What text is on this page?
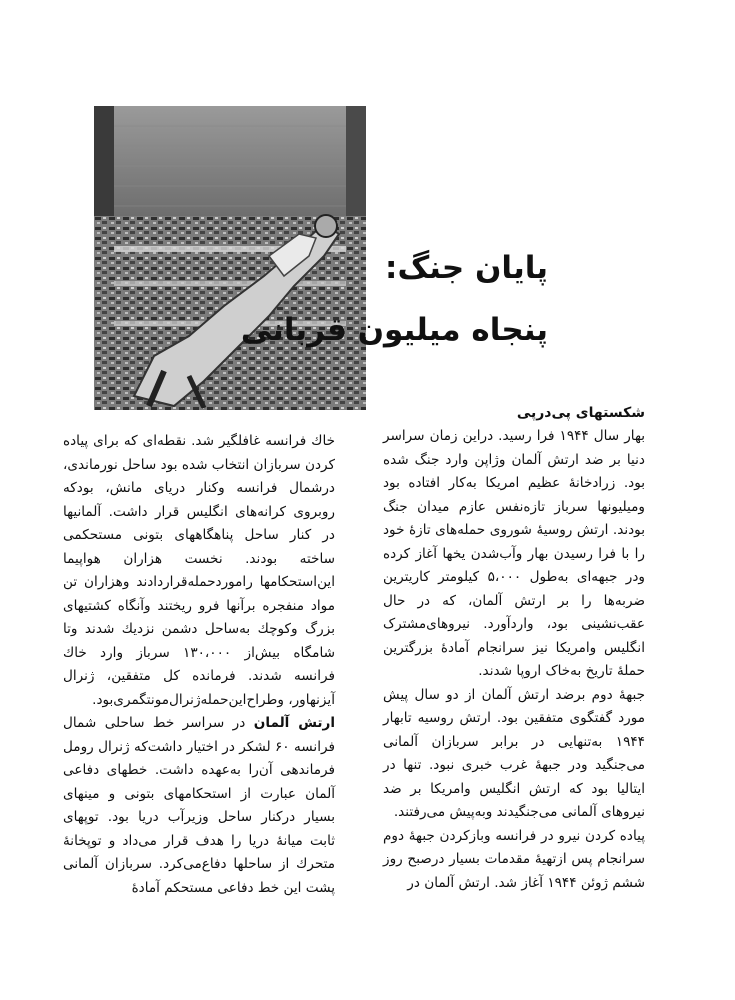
پایان جنگ:
پنجاه میلیون قربانی

شکستهای پی‌درپی

بهار سال ۱۹۴۴ فرا رسید. دراین زمان سراسر دنیا بر ضد ارتش آلمان وژاپن وارد جنگ شده بود. زرادخانهٔ عظیم امریکا به‌کار افتاده بود ومیلیونها سرباز تازه‌نفس عازم میدان جنگ بودند. ارتش روسیهٔ شوروی حمله‌های تازهٔ خود را با فرا رسیدن بهار وآب‌شدن یخها آغاز کرده ودر جبهه‌ای به‌طول ۵،۰۰۰ کیلومتر کاریترین ضربه‌ها را بر ارتش آلمان، که در حال عقب‌نشینی بود، واردآورد. نیروهای‌مشترک انگلیس وامریکا نیز سرانجام آمادهٔ بزرگترین حملهٔ تاریخ به‌خاک اروپا شدند.

جبههٔ دوم برضد ارتش آلمان از دو سال پیش مورد گفتگوی متفقین بود. ارتش روسیه تابهار ۱۹۴۴ به‌تنهایی در برابر سربازان آلمانی می‌جنگید ودر جبههٔ غرب خبری نبود. تنها در ایتالیا بود که ارتش انگلیس وامریکا بر ضد نیروهای آلمانی می‌جنگیدند وبه‌پیش می‌رفتند.

پیاده کردن نیرو در فرانسه وبازکردن جبههٔ دوم سرانجام پس ازتهیهٔ مقدمات بسیار درصبح روز ششم ژوئن ۱۹۴۴ آغاز شد. ارتش آلمان در

خاك فرانسه غافلگیر شد. نقطه‌ای که برای پیاده کردن سربازان انتخاب شده بود ساحل نورماندی، درشمال فرانسه وکنار دریای مانش، بودکه روبروی کرانه‌های انگلیس قرار داشت. آلمانیها در کنار ساحل پناهگاههای بتونی مستحکمی ساخته بودند. نخست هزاران هواپیما این‌استحکامها راموردحمله‌قراردادند وهزاران تن مواد منفجره برآنها فرو ریختند وآنگاه کشتیهای بزرگ وکوچك به‌ساحل دشمن نزدیك شدند وتا شامگاه بیش‌از ۱۳۰،۰۰۰ سرباز وارد خاك فرانسه شدند. فرمانده کل متفقین، ژنرال آیزنهاور، وطراح‌این‌حمله‌ژنرال‌مونتگمری‌بود.

ارتش آلمان در سراسر خط ساحلی شمال فرانسه ۶۰ لشکر در اختیار داشت‌که ژنرال رومل فرماندهی آن‌را به‌عهده داشت. خطهای دفاعی آلمان عبارت از استحکامهای بتونی و مینهای بسیار درکنار ساحل وزیرآب دریا بود. توپهای ثابت میانهٔ دریا را هدف قرار می‌داد و توپخانهٔ متحرك از ساحلها دفاع‌می‌کرد. سربازان آلمانی پشت این خط دفاعی مستحکم آمادهٔ
